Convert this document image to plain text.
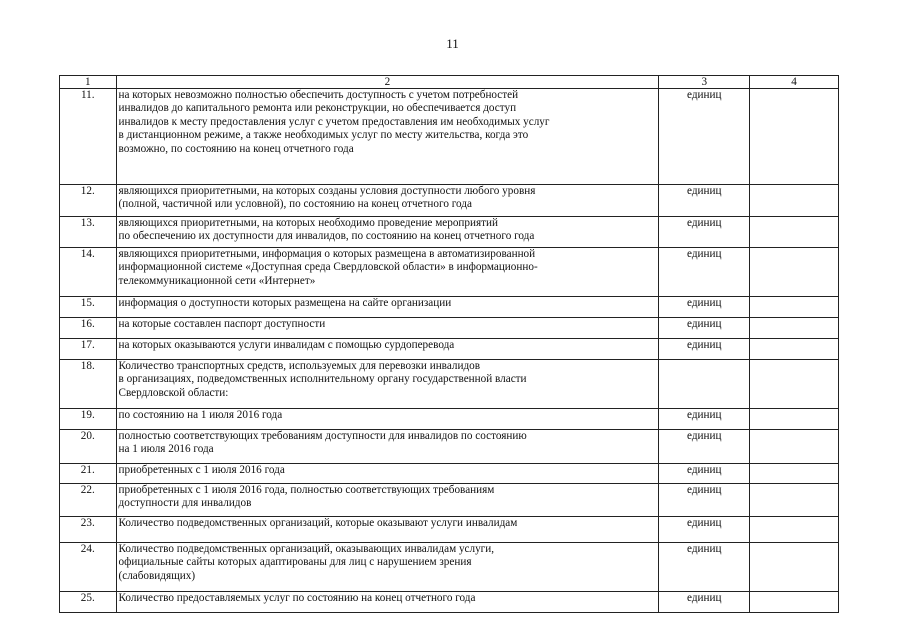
11
1	2	3	4
11.	на которых невозможно полностью обеспечить доступность с учетом потребностей
инвалидов до капитального ремонта или реконструкции, но обеспечивается доступ
инвалидов к месту предоставления услуг с учетом предоставления им необходимых услуг
в дистанционном режиме, а также необходимых услуг по месту жительства, когда это
возможно, по состоянию на конец отчетного года	единиц	
12.	являющихся приоритетными, на которых созданы условия доступности любого уровня
(полной, частичной или условной), по состоянию на конец отчетного года	единиц	
13.	являющихся приоритетными, на которых необходимо проведение мероприятий
по обеспечению их доступности для инвалидов, по состоянию на конец отчетного года	единиц	
14.	являющихся приоритетными, информация о которых размещена в автоматизированной
информационной системе «Доступная среда Свердловской области» в информационно-
телекоммуникационной сети «Интернет»	единиц	
15.	информация о доступности которых размещена на сайте организации	единиц	
16.	на которые составлен паспорт доступности	единиц	
17.	на которых оказываются услуги инвалидам с помощью сурдоперевода	единиц	
18.	Количество транспортных средств, используемых для перевозки инвалидов
в организациях, подведомственных исполнительному органу государственной власти
Свердловской области:		
19.	по состоянию на 1 июля 2016 года	единиц	
20.	полностью соответствующих требованиям доступности для инвалидов по состоянию
на 1 июля 2016 года	единиц	
21.	приобретенных с 1 июля 2016 года	единиц	
22.	приобретенных с 1 июля 2016 года, полностью соответствующих требованиям
доступности для инвалидов	единиц	
23.	Количество подведомственных организаций, которые оказывают услуги инвалидам	единиц	
24.	Количество подведомственных организаций, оказывающих инвалидам услуги,
официальные сайты которых адаптированы для лиц с нарушением зрения
(слабовидящих)	единиц	
25.	Количество предоставляемых услуг по состоянию на конец отчетного года	единиц	
